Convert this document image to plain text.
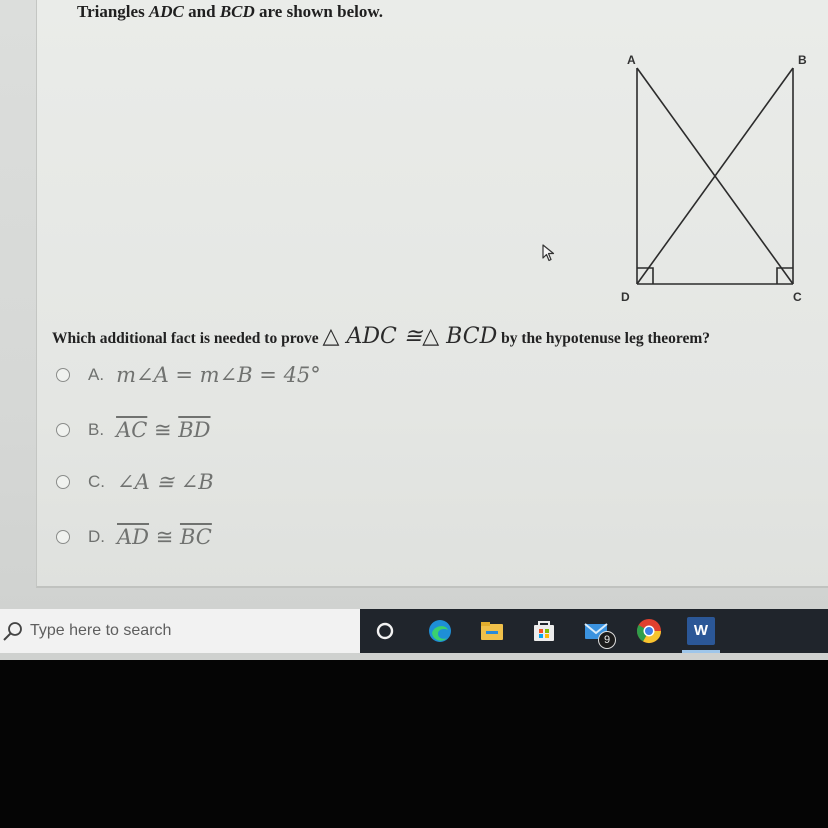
Triangles ADC and BCD are shown below.

A	B
D	C
Which additional fact is needed to prove △ ADC ≅△ BCD by the hypotenuse leg theorem?
A. m∠A = m∠B = 45°
B. $\overline{AC}$ ≅ $\overline{BD}$
C. ∠A ≅ ∠B
D. $\overline{AD}$ ≅ $\overline{BC}$
Type here to search
9
W
